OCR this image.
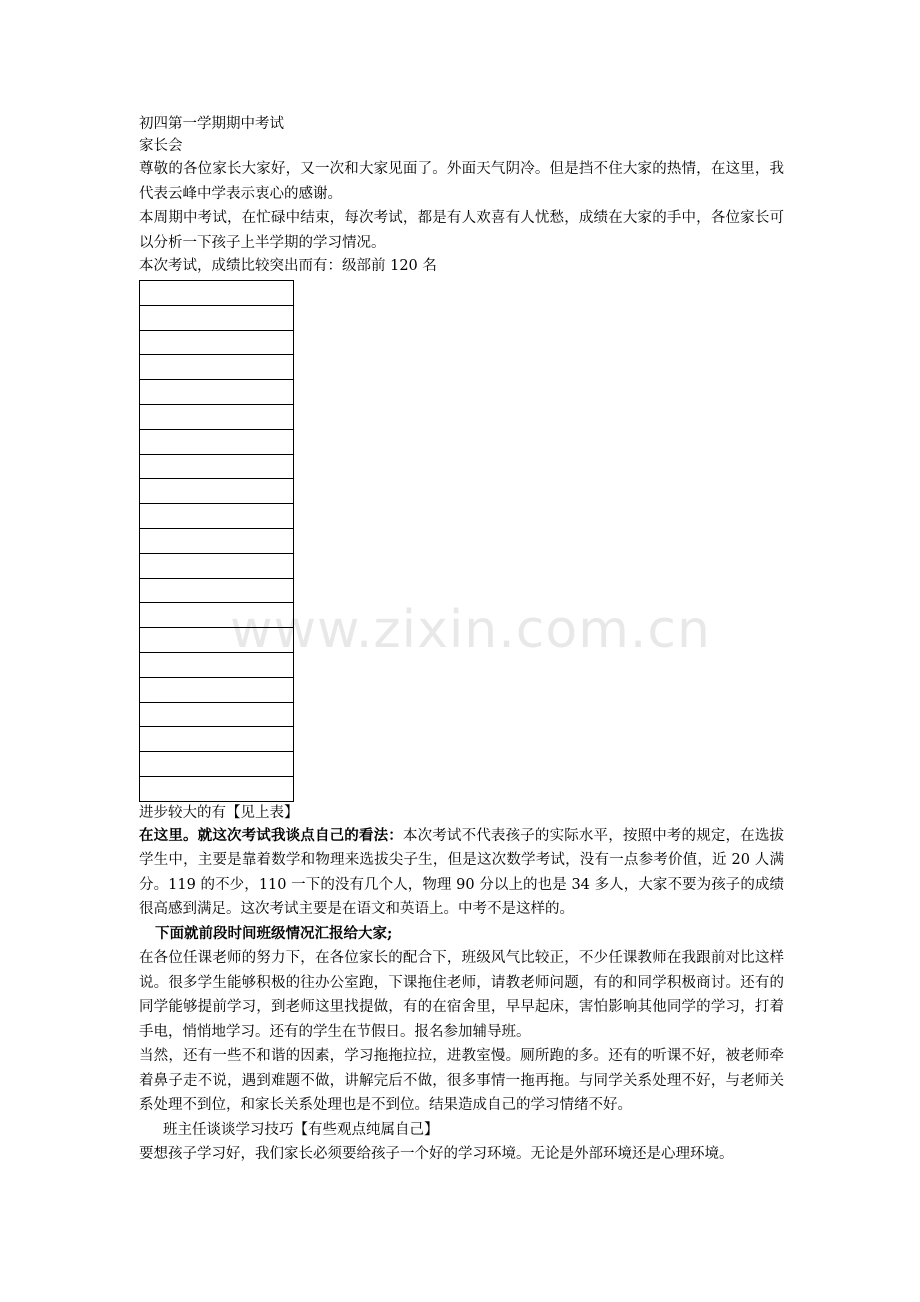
初四第一学期期中考试

家长会

尊敬的各位家长大家好，又一次和大家见面了。外面天气阴冷。但是挡不住大家的热情，在这里，我代表云峰中学表示衷心的感谢。

本周期中考试，在忙碌中结束，每次考试，都是有人欢喜有人忧愁，成绩在大家的手中，各位家长可以分析一下孩子上半学期的学习情况。

本次考试，成绩比较突出而有：级部前 120 名

进步较大的有【见上表】

在这里。就这次考试我谈点自己的看法：本次考试不代表孩子的实际水平，按照中考的规定，在选拔学生中，主要是靠着数学和物理来选拔尖子生，但是这次数学考试，没有一点参考价值，近 20 人满分。119 的不少，110 一下的没有几个人，物理 90 分以上的也是 34 多人，大家不要为孩子的成绩很高感到满足。这次考试主要是在语文和英语上。中考不是这样的。

下面就前段时间班级情况汇报给大家;

在各位任课老师的努力下，在各位家长的配合下，班级风气比较正，不少任课教师在我跟前对比这样说。很多学生能够积极的往办公室跑，下课拖住老师，请教老师问题，有的和同学积极商讨。还有的同学能够提前学习，到老师这里找提做，有的在宿舍里，早早起床，害怕影响其他同学的学习，打着手电，悄悄地学习。还有的学生在节假日。报名参加辅导班。

当然，还有一些不和谐的因素，学习拖拖拉拉，进教室慢。厕所跑的多。还有的听课不好，被老师牵着鼻子走不说，遇到难题不做，讲解完后不做，很多事情一拖再拖。与同学关系处理不好，与老师关系处理不到位，和家长关系处理也是不到位。结果造成自己的学习情绪不好。

班主任谈谈学习技巧【有些观点纯属自己】

要想孩子学习好，我们家长必须要给孩子一个好的学习环境。无论是外部环境还是心理环境。

www.zixin.com.cn
